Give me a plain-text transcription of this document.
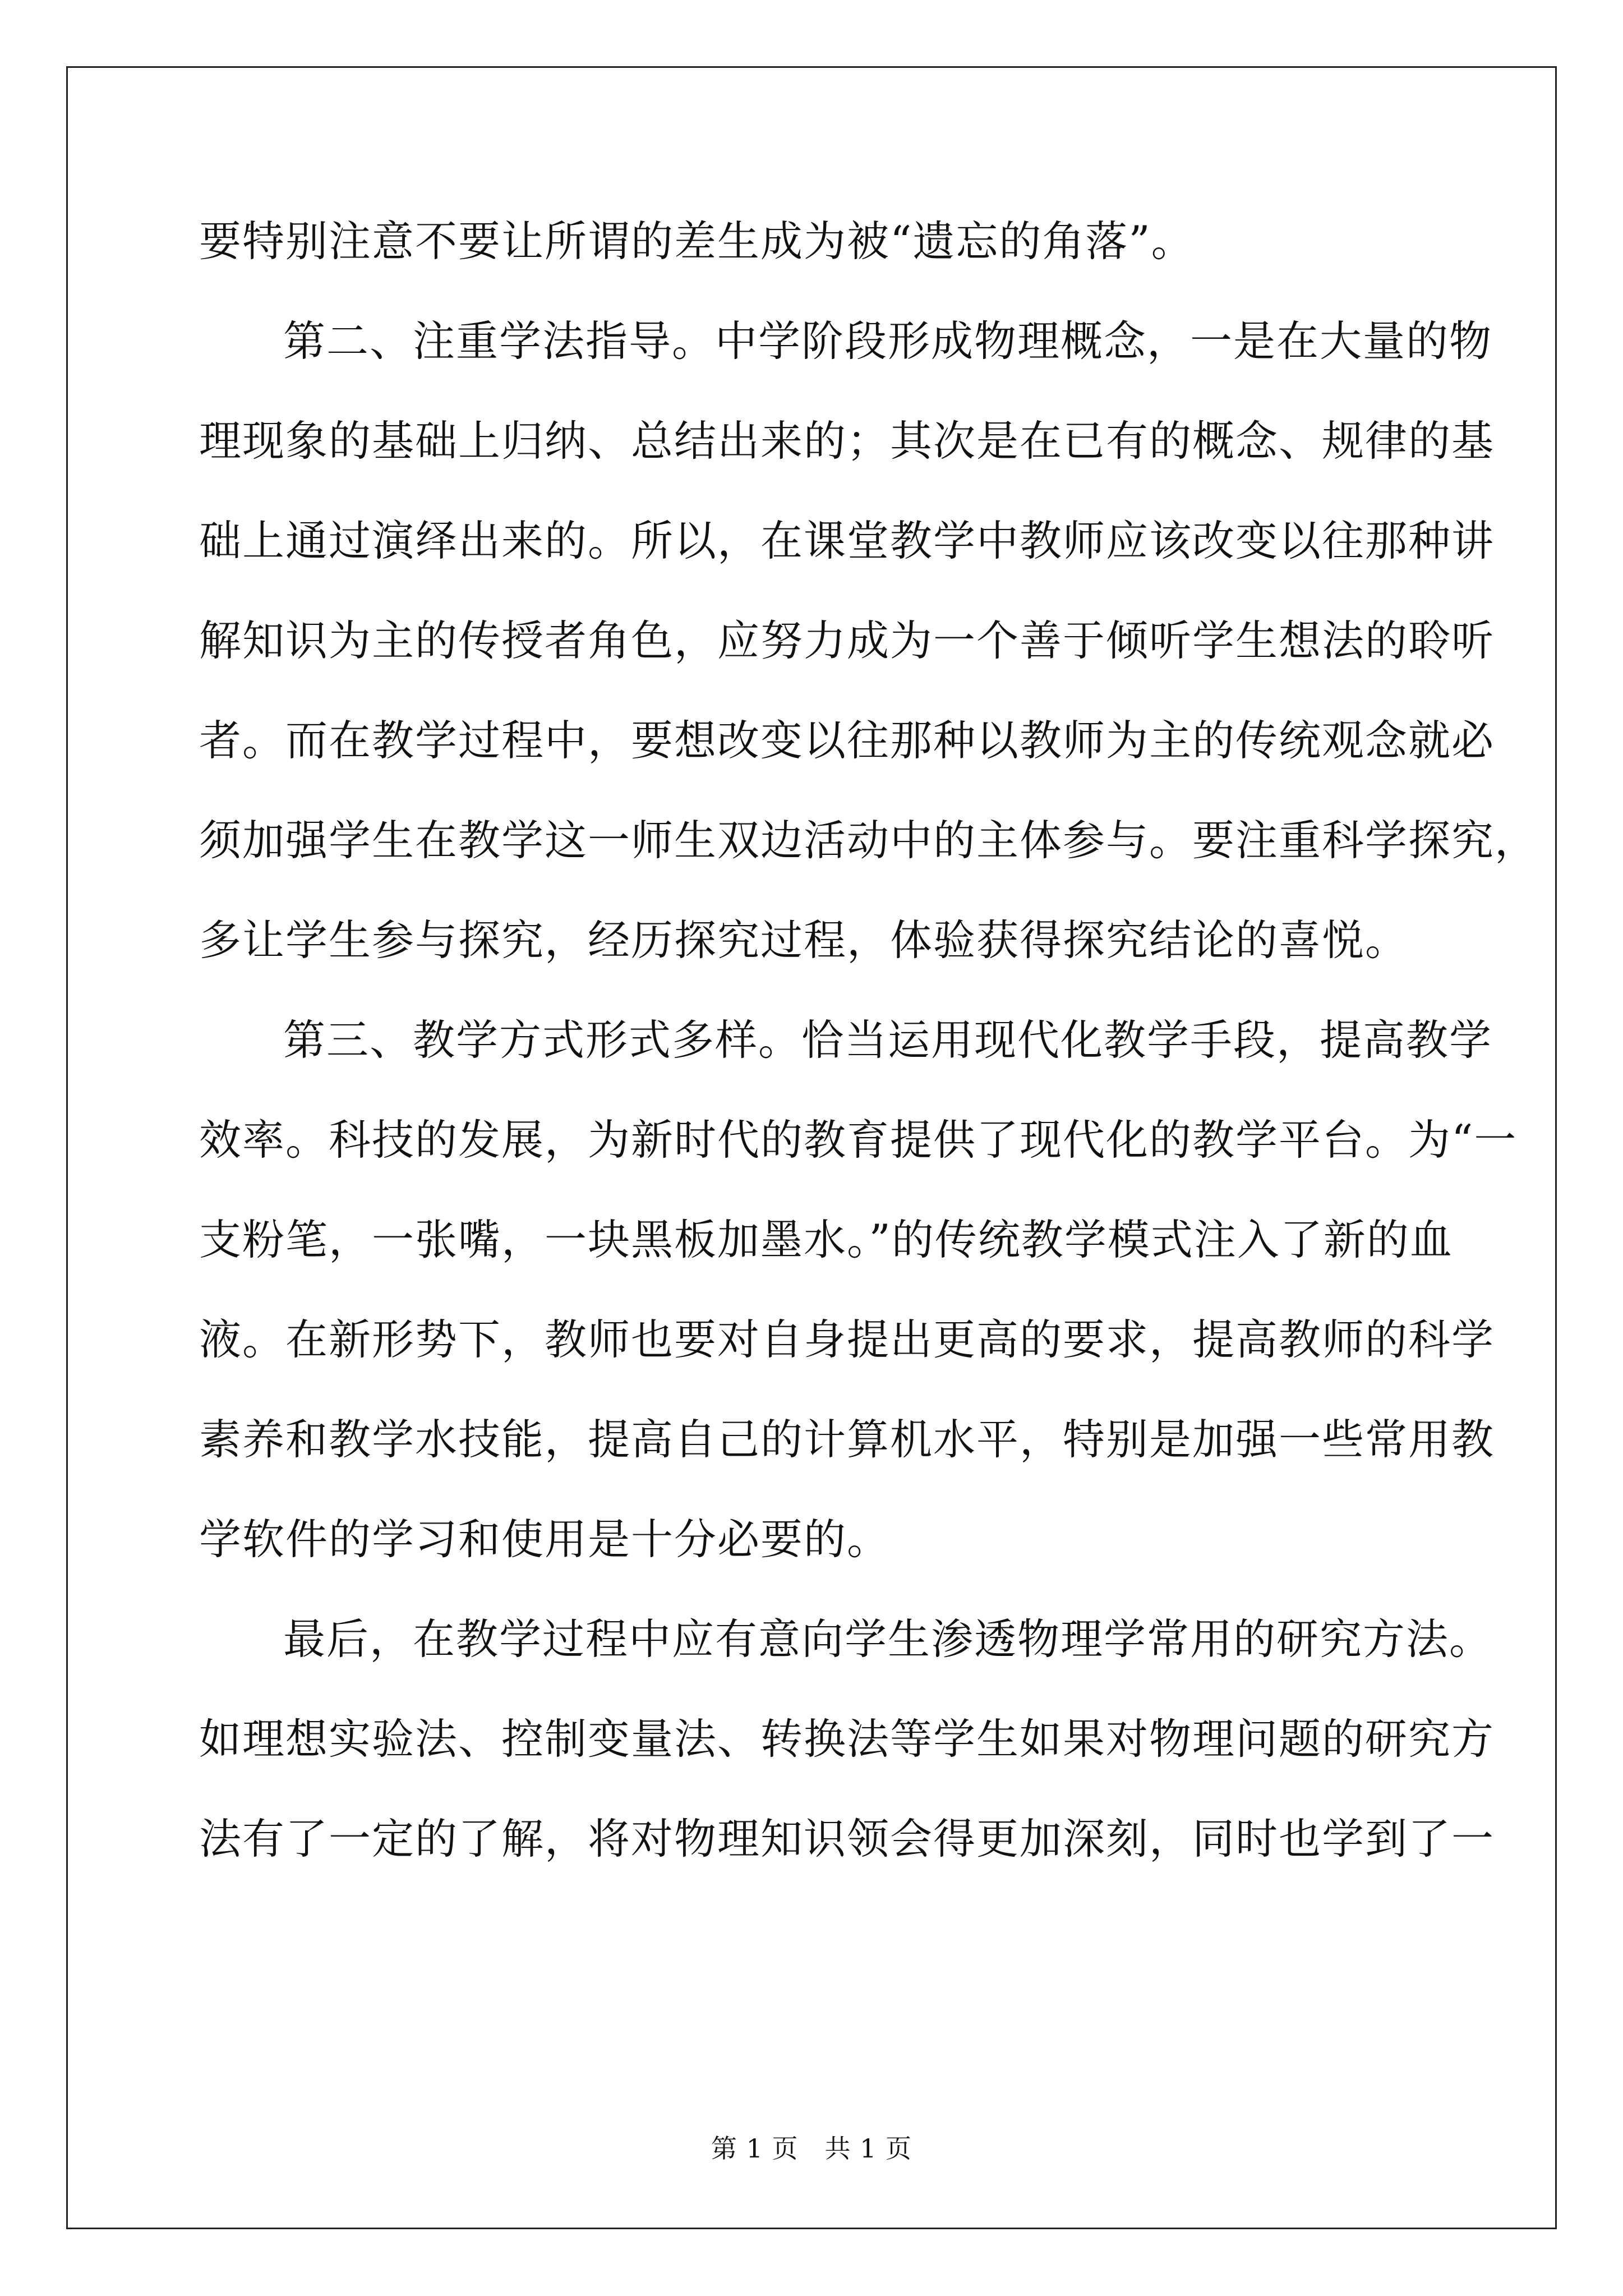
要特别注意不要让所谓的差生成为被“遗忘的角落”。
第二、注重学法指导。中学阶段形成物理概念，一是在大量的物
理现象的基础上归纳、总结出来的；其次是在已有的概念、规律的基
础上通过演绎出来的。所以，在课堂教学中教师应该改变以往那种讲
解知识为主的传授者角色，应努力成为一个善于倾听学生想法的聆听
者。而在教学过程中，要想改变以往那种以教师为主的传统观念就必
须加强学生在教学这一师生双边活动中的主体参与。要注重科学探究，
多让学生参与探究，经历探究过程，体验获得探究结论的喜悦。
第三、教学方式形式多样。恰当运用现代化教学手段，提高教学
效率。科技的发展，为新时代的教育提供了现代化的教学平台。为“一
支粉笔，一张嘴，一块黑板加墨水。”的传统教学模式注入了新的血
液。在新形势下，教师也要对自身提出更高的要求，提高教师的科学
素养和教学水技能，提高自己的计算机水平，特别是加强一些常用教
学软件的学习和使用是十分必要的。
最后，在教学过程中应有意向学生渗透物理学常用的研究方法。
如理想实验法、控制变量法、转换法等学生如果对物理问题的研究方
法有了一定的了解，将对物理知识领会得更加深刻，同时也学到了一
第 1 页　共 1 页
